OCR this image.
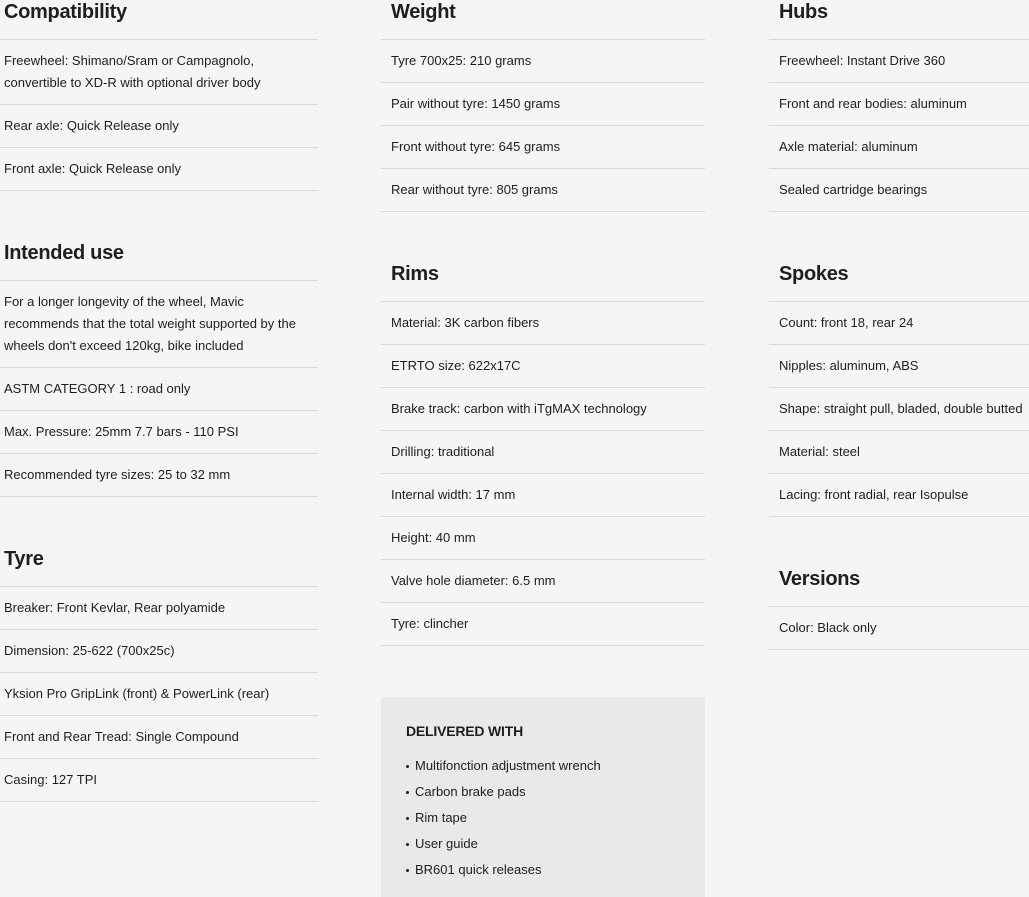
Compatibility
Freewheel: Shimano/Sram or Campagnolo, convertible to XD-R with optional driver body
Rear axle: Quick Release only
Front axle: Quick Release only
Intended use
For a longer longevity of the wheel, Mavic recommends that the total weight supported by the wheels don't exceed 120kg, bike included
ASTM CATEGORY 1 : road only
Max. Pressure: 25mm 7.7 bars - 110 PSI
Recommended tyre sizes: 25 to 32 mm
Tyre
Breaker: Front Kevlar, Rear polyamide
Dimension: 25-622 (700x25c)
Yksion Pro GripLink (front) & PowerLink (rear)
Front and Rear Tread: Single Compound
Casing: 127 TPI
Weight
Tyre 700x25: 210 grams
Pair without tyre: 1450 grams
Front without tyre: 645 grams
Rear without tyre: 805 grams
Rims
Material: 3K carbon fibers
ETRTO size: 622x17C
Brake track: carbon with iTgMAX technology
Drilling: traditional
Internal width: 17 mm
Height: 40 mm
Valve hole diameter: 6.5 mm
Tyre: clincher
Hubs
Freewheel: Instant Drive 360
Front and rear bodies: aluminum
Axle material: aluminum
Sealed cartridge bearings
Spokes
Count: front 18, rear 24
Nipples: aluminum, ABS
Shape: straight pull, bladed, double butted
Material: steel
Lacing: front radial, rear Isopulse
Versions
Color: Black only
DELIVERED WITH
Multifonction adjustment wrench
Carbon brake pads
Rim tape
User guide
BR601 quick releases
